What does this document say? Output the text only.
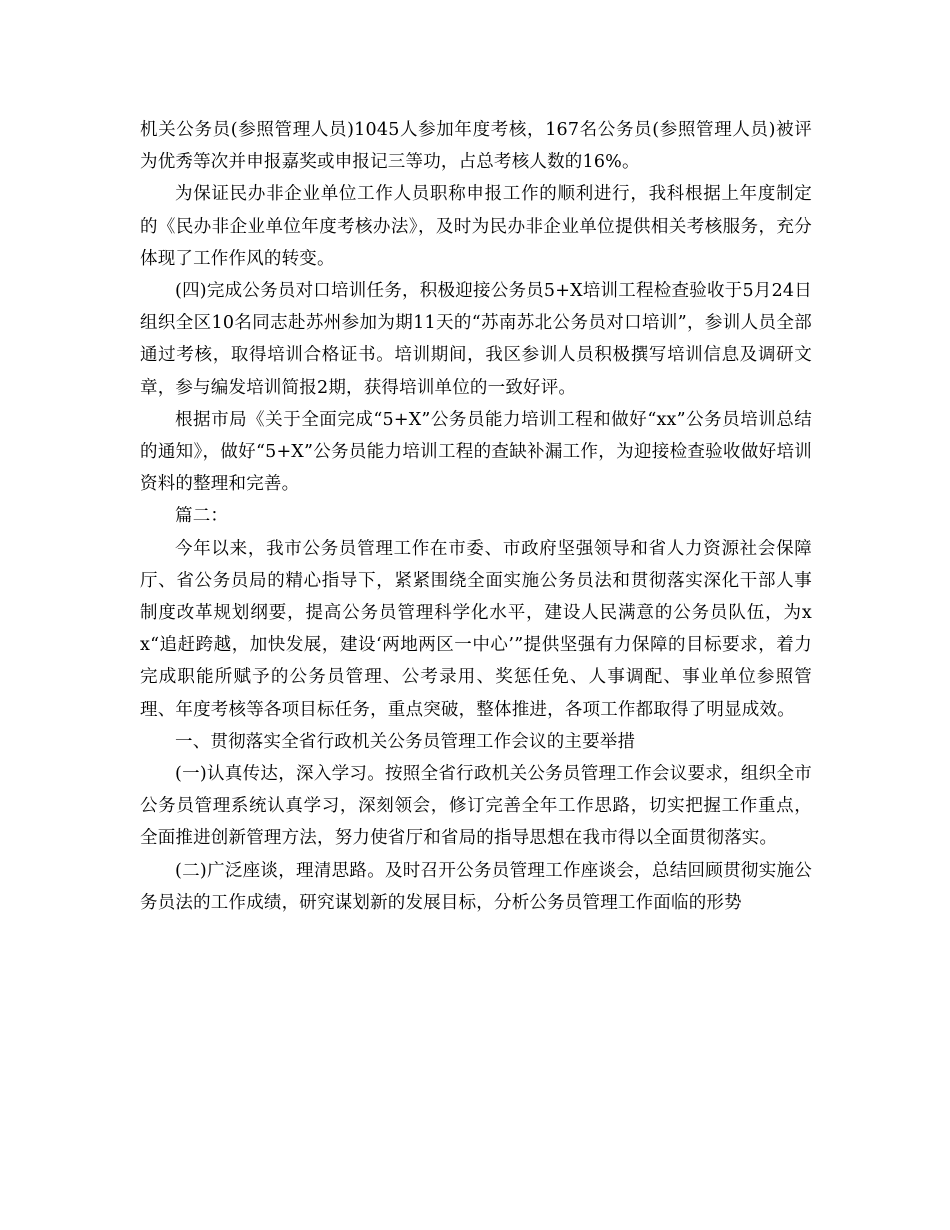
机关公务员(参照管理人员)1045人参加年度考核，167名公务员(参照管理人员)被评为优秀等次并申报嘉奖或申报记三等功，占总考核人数的16%。

为保证民办非企业单位工作人员职称申报工作的顺利进行，我科根据上年度制定的《民办非企业单位年度考核办法》，及时为民办非企业单位提供相关考核服务，充分体现了工作作风的转变。

(四)完成公务员对口培训任务，积极迎接公务员5+X培训工程检查验收于5月24日组织全区10名同志赴苏州参加为期11天的“苏南苏北公务员对口培训”，参训人员全部通过考核，取得培训合格证书。培训期间，我区参训人员积极撰写培训信息及调研文章，参与编发培训简报2期，获得培训单位的一致好评。

根据市局《关于全面完成“5+X”公务员能力培训工程和做好“xx”公务员培训总结的通知》，做好“5+X”公务员能力培训工程的查缺补漏工作，为迎接检查验收做好培训资料的整理和完善。

篇二：

今年以来，我市公务员管理工作在市委、市政府坚强领导和省人力资源社会保障厅、省公务员局的精心指导下，紧紧围绕全面实施公务员法和贯彻落实深化干部人事制度改革规划纲要，提高公务员管理科学化水平，建设人民满意的公务员队伍，为xx“追赶跨越，加快发展，建设‘两地两区一中心’”提供坚强有力保障的目标要求，着力完成职能所赋予的公务员管理、公考录用、奖惩任免、人事调配、事业单位参照管理、年度考核等各项目标任务，重点突破，整体推进，各项工作都取得了明显成效。

一、贯彻落实全省行政机关公务员管理工作会议的主要举措

(一)认真传达，深入学习。按照全省行政机关公务员管理工作会议要求，组织全市公务员管理系统认真学习，深刻领会，修订完善全年工作思路，切实把握工作重点，全面推进创新管理方法，努力使省厅和省局的指导思想在我市得以全面贯彻落实。

(二)广泛座谈，理清思路。及时召开公务员管理工作座谈会，总结回顾贯彻实施公务员法的工作成绩，研究谋划新的发展目标，分析公务员管理工作面临的形势
